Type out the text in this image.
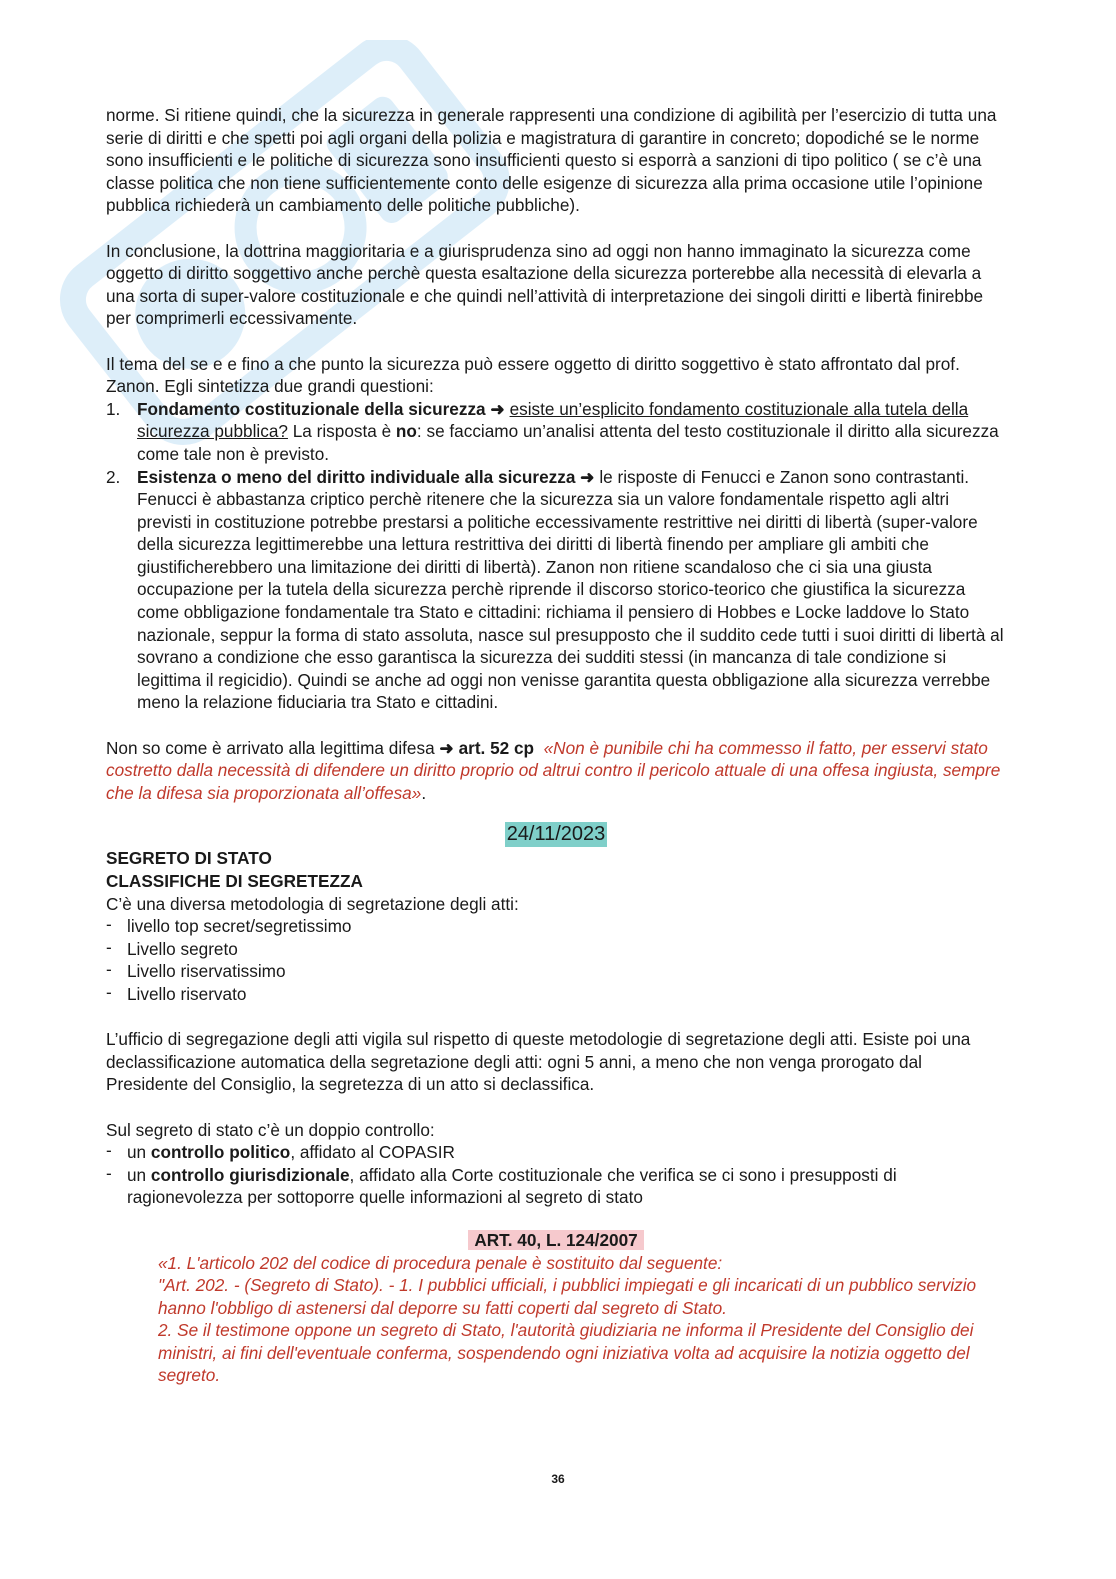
norme. Si ritiene quindi, che la sicurezza in generale rappresenti una condizione di agibilità per l’esercizio di tutta una serie di diritti e che spetti poi agli organi della polizia e magistratura di garantire in concreto; dopodiché se le norme sono insufficienti e le politiche di sicurezza sono insufficienti questo si esporrà a sanzioni di tipo politico ( se c’è una classe politica che non tiene sufficientemente conto delle esigenze di sicurezza alla prima occasione utile l’opinione pubblica richiederà un cambiamento delle politiche pubbliche).

In conclusione, la dottrina maggioritaria e a giurisprudenza sino ad oggi non hanno immaginato la sicurezza come oggetto di diritto soggettivo anche perchè questa esaltazione della sicurezza porterebbe alla necessità di elevarla a una sorta di super-valore costituzionale e che quindi nell’attività di interpretazione dei singoli diritti e libertà finirebbe per comprimerli eccessivamente.

Il tema del se e e fino a che punto la sicurezza può essere oggetto di diritto soggettivo è stato affrontato dal prof. Zanon. Egli sintetizza due grandi questioni:

1. Fondamento costituzionale della sicurezza ➜ esiste un’esplicito fondamento costituzionale alla tutela della sicurezza pubblica? La risposta è no: se facciamo un’analisi attenta del testo costituzionale il diritto alla sicurezza come tale non è previsto.
2. Esistenza o meno del diritto individuale alla sicurezza ➜ le risposte di Fenucci e Zanon sono contrastanti. Fenucci è abbastanza criptico perchè ritenere che la sicurezza sia un valore fondamentale rispetto agli altri previsti in costituzione potrebbe prestarsi a politiche eccessivamente restrittive nei diritti di libertà (super-valore della sicurezza legittimerebbe una lettura restrittiva dei diritti di libertà finendo per ampliare gli ambiti che giustificherebbero una limitazione dei diritti di libertà). Zanon non ritiene scandaloso che ci sia una giusta occupazione per la tutela della sicurezza perchè riprende il discorso storico-teorico che giustifica la sicurezza come obbligazione fondamentale tra Stato e cittadini: richiama il pensiero di Hobbes e Locke laddove lo Stato nazionale, seppur la forma di stato assoluta, nasce sul presupposto che il suddito cede tutti i suoi diritti di libertà al sovrano a condizione che esso garantisca la sicurezza dei sudditi stessi (in mancanza di tale condizione si legittima il regicidio). Quindi se anche ad oggi non venisse garantita questa obbligazione alla sicurezza verrebbe meno la relazione fiduciaria tra Stato e cittadini.

Non so come è arrivato alla legittima difesa ➜ art. 52 cp «Non è punibile chi ha commesso il fatto, per esservi stato costretto dalla necessità di difendere un diritto proprio od altrui contro il pericolo attuale di una offesa ingiusta, sempre che la difesa sia proporzionata all’offesa».

24/11/2023

SEGRETO DI STATO

CLASSIFICHE DI SEGRETEZZA

C’è una diversa metodologia di segretazione degli atti:

- livello top secret/segretissimo
- Livello segreto
- Livello riservatissimo
- Livello riservato

L’ufficio di segregazione degli atti vigila sul rispetto di queste metodologie di segretazione degli atti. Esiste poi una declassificazione automatica della segretazione degli atti: ogni 5 anni, a meno che non venga prorogato dal Presidente del Consiglio, la segretezza di un atto si declassifica.

Sul segreto di stato c’è un doppio controllo:

- un controllo politico, affidato al COPASIR
- un controllo giurisdizionale, affidato alla Corte costituzionale che verifica se ci sono i presupposti di ragionevolezza per sottoporre quelle informazioni al segreto di stato
ART. 40, L. 124/2007

«1. L'articolo 202 del codice di procedura penale è sostituito dal seguente:

"Art. 202. - (Segreto di Stato). - 1. I pubblici ufficiali, i pubblici impiegati e gli incaricati di un pubblico servizio hanno l'obbligo di astenersi dal deporre su fatti coperti dal segreto di Stato.

2. Se il testimone oppone un segreto di Stato, l'autorità giudiziaria ne informa il Presidente del Consiglio dei ministri, ai fini dell'eventuale conferma, sospendendo ogni iniziativa volta ad acquisire la notizia oggetto del segreto.

36
